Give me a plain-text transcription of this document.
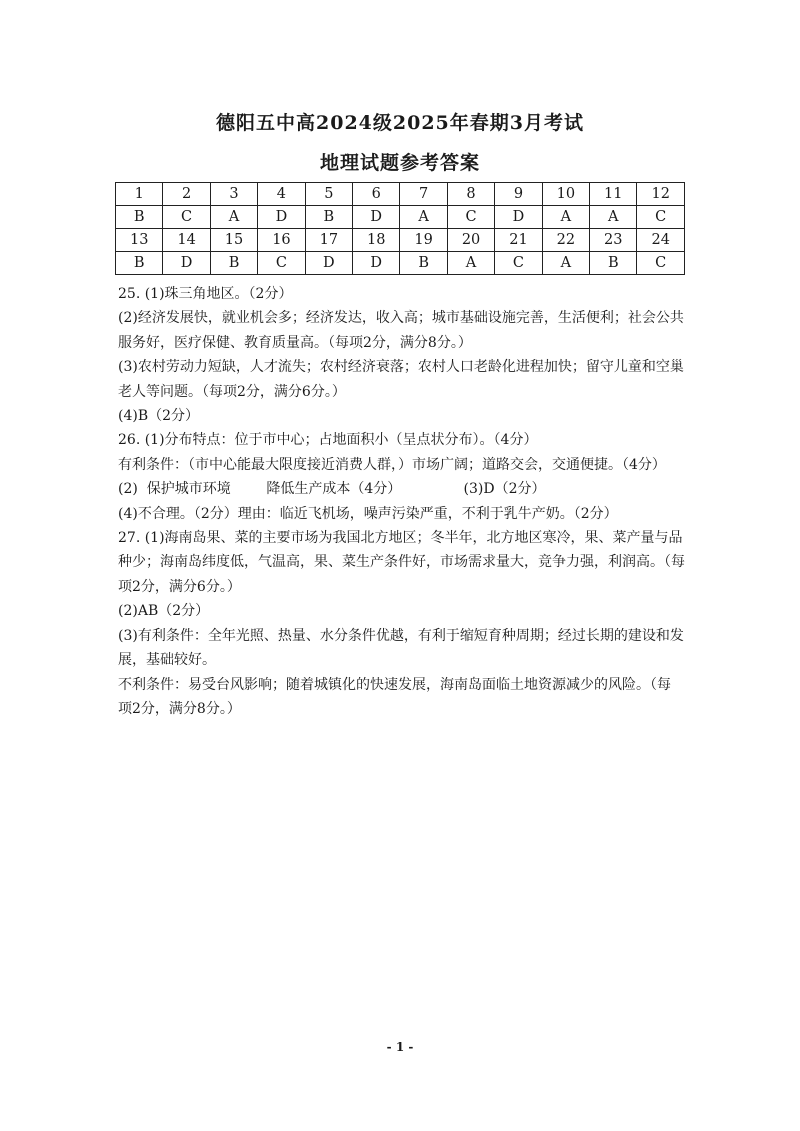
德阳五中高2024级2025年春期3月考试
地理试题参考答案
1	2	3	4	5	6	7	8	9	10	11	12
B	C	A	D	B	D	A	C	D	A	A	C
13	14	15	16	17	18	19	20	21	22	23	24
B	D	B	C	D	D	B	A	C	A	B	C

25. (1)珠三角地区。（2分）

(2)经济发展快，就业机会多；经济发达，收入高；城市基础设施完善，生活便利；社会公共

服务好，医疗保健、教育质量高。（每项2分，满分8分。）

(3)农村劳动力短缺，人才流失；农村经济衰落；农村人口老龄化进程加快；留守儿童和空巢

老人等问题。（每项2分，满分6分。）

(4)B（2分）

26. (1)分布特点：位于市中心；占地面积小（呈点状分布）。（4分）

有利条件：（市中心能最大限度接近消费人群，）市场广阔；道路交会，交通便捷。（4分）

(2)  保护城市环境        降低生产成本（4分）              (3)D（2分）

(4)不合理。（2分）理由：临近飞机场，噪声污染严重，不利于乳牛产奶。（2分）

27. (1)海南岛果、菜的主要市场为我国北方地区；冬半年，北方地区寒冷，果、菜产量与品

种少；海南岛纬度低，气温高，果、菜生产条件好，市场需求量大，竞争力强，利润高。（每

项2分，满分6分。）

(2)AB（2分）

(3)有利条件：全年光照、热量、水分条件优越，有利于缩短育种周期；经过长期的建设和发

展，基础较好。

不利条件：易受台风影响；随着城镇化的快速发展，海南岛面临土地资源减少的风险。（每

项2分，满分8分。）

- 1 -
